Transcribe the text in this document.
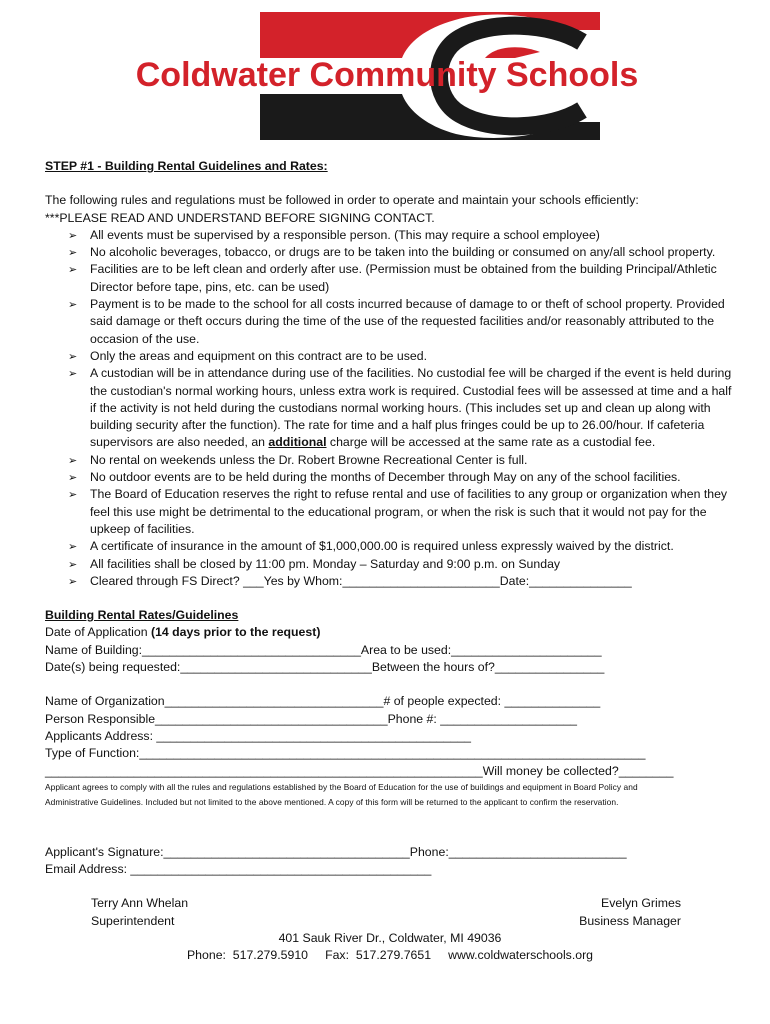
Coldwater Community Schools
STEP #1 - Building Rental Guidelines and Rates:
The following rules and regulations must be followed in order to operate and maintain your schools efficiently:
***PLEASE READ AND UNDERSTAND BEFORE SIGNING CONTACT.
➢ All events must be supervised by a responsible person. (This may require a school employee)
➢ No alcoholic beverages, tobacco, or drugs are to be taken into the building or consumed on any/all school property.
➢ Facilities are to be left clean and orderly after use. (Permission must be obtained from the building Principal/Athletic Director before tape, pins, etc. can be used)
➢ Payment is to be made to the school for all costs incurred because of damage to or theft of school property. Provided said damage or theft occurs during the time of the use of the requested facilities and/or reasonably attributed to the occasion of the use.
➢ Only the areas and equipment on this contract are to be used.
➢ A custodian will be in attendance during use of the facilities. No custodial fee will be charged if the event is held during the custodian's normal working hours, unless extra work is required. Custodial fees will be assessed at time and a half if the activity is not held during the custodians normal working hours. (This includes set up and clean up along with building security after the function). The rate for time and a half plus fringes could be up to 26.00/hour. If cafeteria supervisors are also needed, an additional charge will be accessed at the same rate as a custodial fee.
➢ No rental on weekends unless the Dr. Robert Browne Recreational Center is full.
➢ No outdoor events are to be held during the months of December through May on any of the school facilities.
➢ The Board of Education reserves the right to refuse rental and use of facilities to any group or organization when they feel this use might be detrimental to the educational program, or when the risk is such that it would not pay for the upkeep of facilities.
➢ A certificate of insurance in the amount of $1,000,000.00 is required unless expressly waived by the district.
➢ All facilities shall be closed by 11:00 pm. Monday – Saturday and 9:00 p.m. on Sunday
➢ Cleared through FS Direct? ___Yes by Whom:_______________________Date:_______________
Building Rental Rates/Guidelines
Date of Application (14 days prior to the request)
Name of Building:________________________________Area to be used:______________________
Date(s) being requested:____________________________Between the hours of?________________
Name of Organization________________________________# of people expected: ______________
Person Responsible__________________________________Phone #: ____________________
Applicants Address: ______________________________________________
Type of Function:__________________________________________________________________________
________________________________________________________________Will money be collected?________
Applicant agrees to comply with all the rules and regulations established by the Board of Education for the use of buildings and equipment in Board Policy and
Administrative Guidelines. Included but not limited to the above mentioned. A copy of this form will be returned to the applicant to confirm the reservation.
Applicant's Signature:____________________________________Phone:__________________________
Email Address: ____________________________________________
Terry Ann Whelan
Superintendent
Evelyn Grimes
Business Manager
401 Sauk River Dr., Coldwater, MI 49036
Phone:  517.279.5910     Fax:  517.279.7651     www.coldwaterschools.org
